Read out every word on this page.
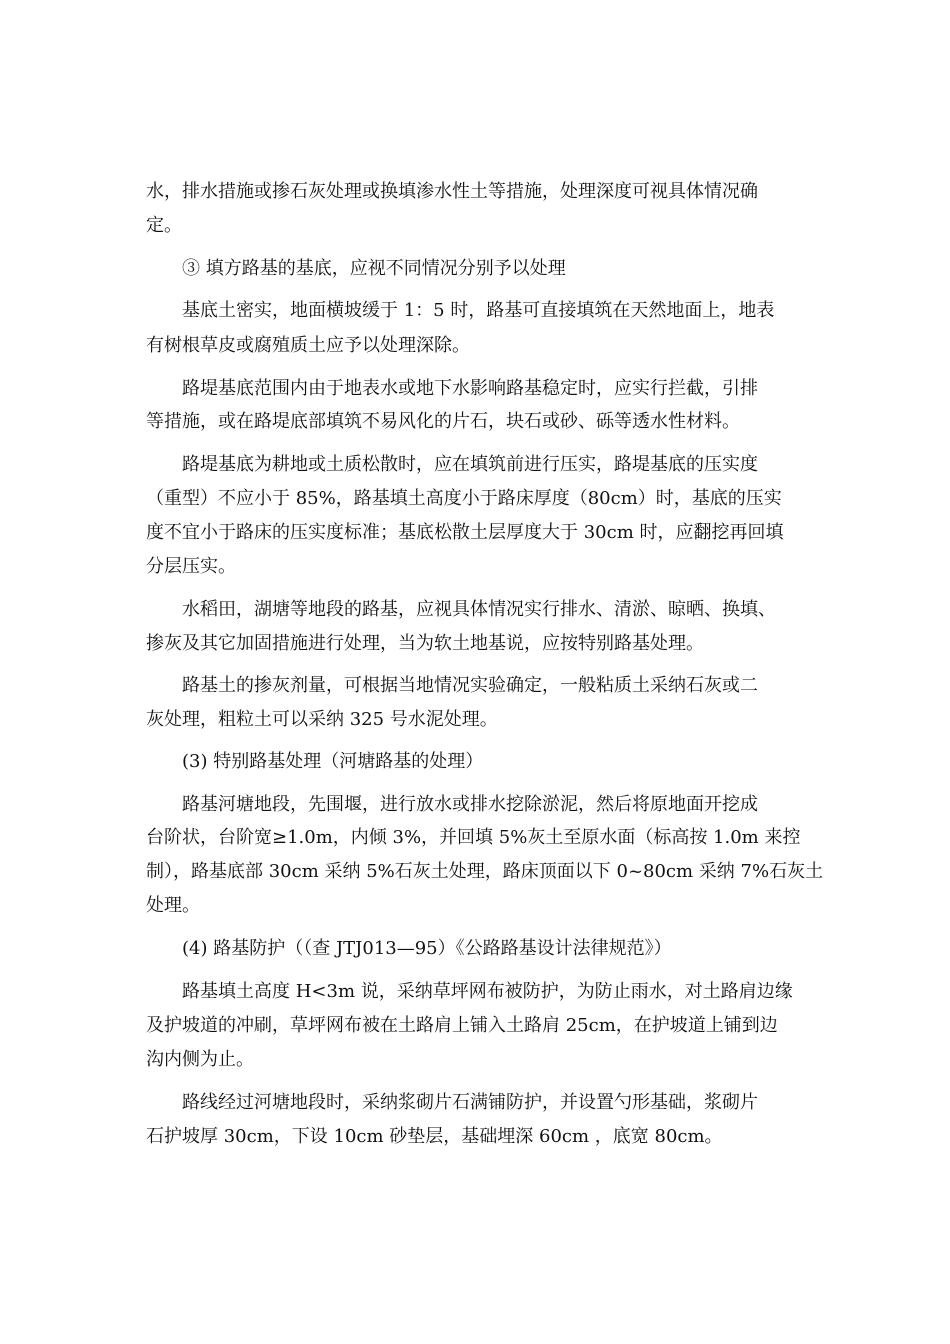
水，排水措施或掺石灰处理或换填渗水性土等措施，处理深度可视具体情况确
定。
③ 填方路基的基底，应视不同情况分别予以处理
基底土密实，地面横坡缓于 1：5 时，路基可直接填筑在天然地面上，地表
有树根草皮或腐殖质土应予以处理深除。
路堤基底范围内由于地表水或地下水影响路基稳定时，应实行拦截，引排
等措施，或在路堤底部填筑不易风化的片石，块石或砂、砾等透水性材料。
路堤基底为耕地或土质松散时，应在填筑前进行压实，路堤基底的压实度
（重型）不应小于 85%，路基填土高度小于路床厚度（80cm）时，基底的压实
度不宜小于路床的压实度标准；基底松散土层厚度大于 30cm 时，应翻挖再回填
分层压实。
水稻田，湖塘等地段的路基，应视具体情况实行排水、清淤、晾晒、换填、
掺灰及其它加固措施进行处理，当为软土地基说，应按特别路基处理。
路基土的掺灰剂量，可根据当地情况实验确定，一般粘质土采纳石灰或二
灰处理，粗粒土可以采纳 325 号水泥处理。
(3) 特别路基处理（河塘路基的处理）
路基河塘地段，先围堰，进行放水或排水挖除淤泥，然后将原地面开挖成
台阶状，台阶宽≥1.0m，内倾 3%，并回填 5%灰土至原水面（标高按 1.0m 来控
制），路基底部 30cm 采纳 5%石灰土处理，路床顶面以下 0~80cm 采纳 7%石灰土
处理。
(4) 路基防护（（查 JTJ013—95）《公路路基设计法律规范》）
路基填土高度 H<3m 说，采纳草坪网布被防护，为防止雨水，对土路肩边缘
及护坡道的冲刷，草坪网布被在土路肩上铺入土路肩 25cm，在护坡道上铺到边
沟内侧为止。
路线经过河塘地段时，采纳浆砌片石满铺防护，并设置勺形基础，浆砌片
石护坡厚 30cm，下设 10cm 砂垫层，基础埋深 60cm ，底宽 80cm。
